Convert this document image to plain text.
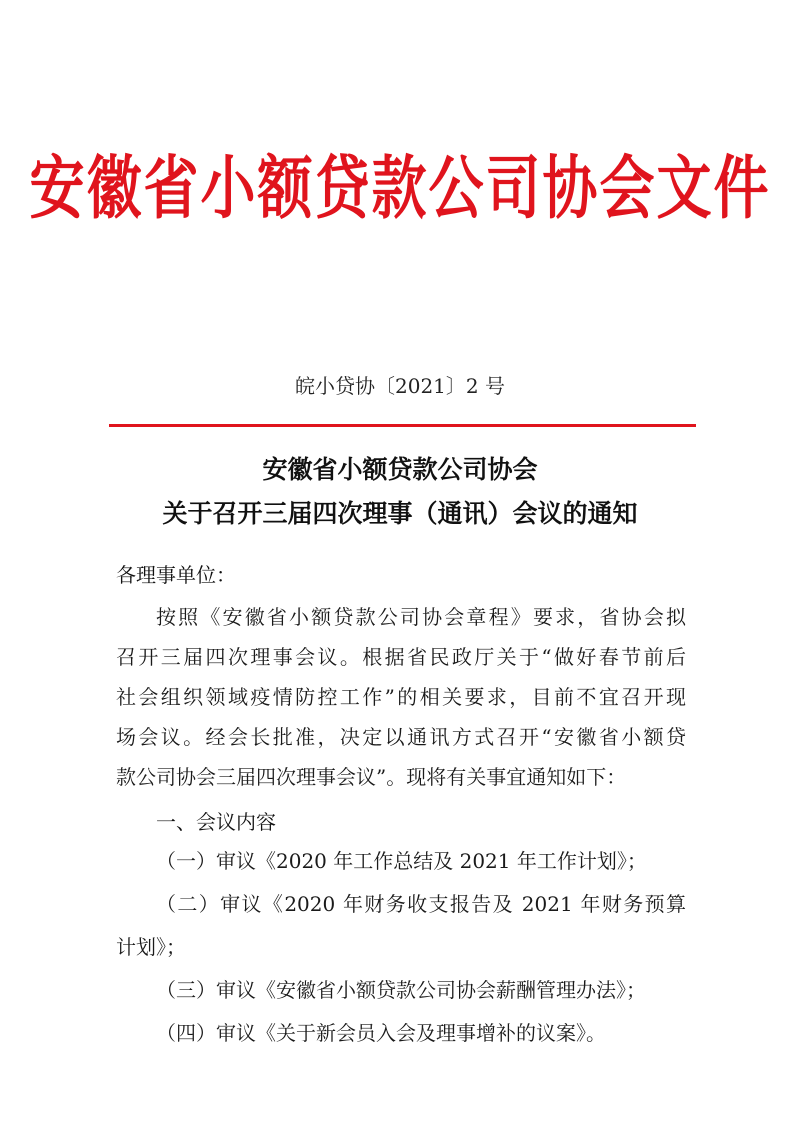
安徽省小额贷款公司协会文件
皖小贷协〔2021〕2 号
安徽省小额贷款公司协会
关于召开三届四次理事（通讯）会议的通知
各理事单位：
按照《安徽省小额贷款公司协会章程》要求，省协会拟
召开三届四次理事会议。根据省民政厅关于“做好春节前后
社会组织领域疫情防控工作”的相关要求，目前不宜召开现
场会议。经会长批准，决定以通讯方式召开“安徽省小额贷
款公司协会三届四次理事会议”。现将有关事宜通知如下：
一、会议内容
（一）审议《2020 年工作总结及 2021 年工作计划》；
（二）审议《2020 年财务收支报告及 2021 年财务预算
计划》；
（三）审议《安徽省小额贷款公司协会薪酬管理办法》；
（四）审议《关于新会员入会及理事增补的议案》。
